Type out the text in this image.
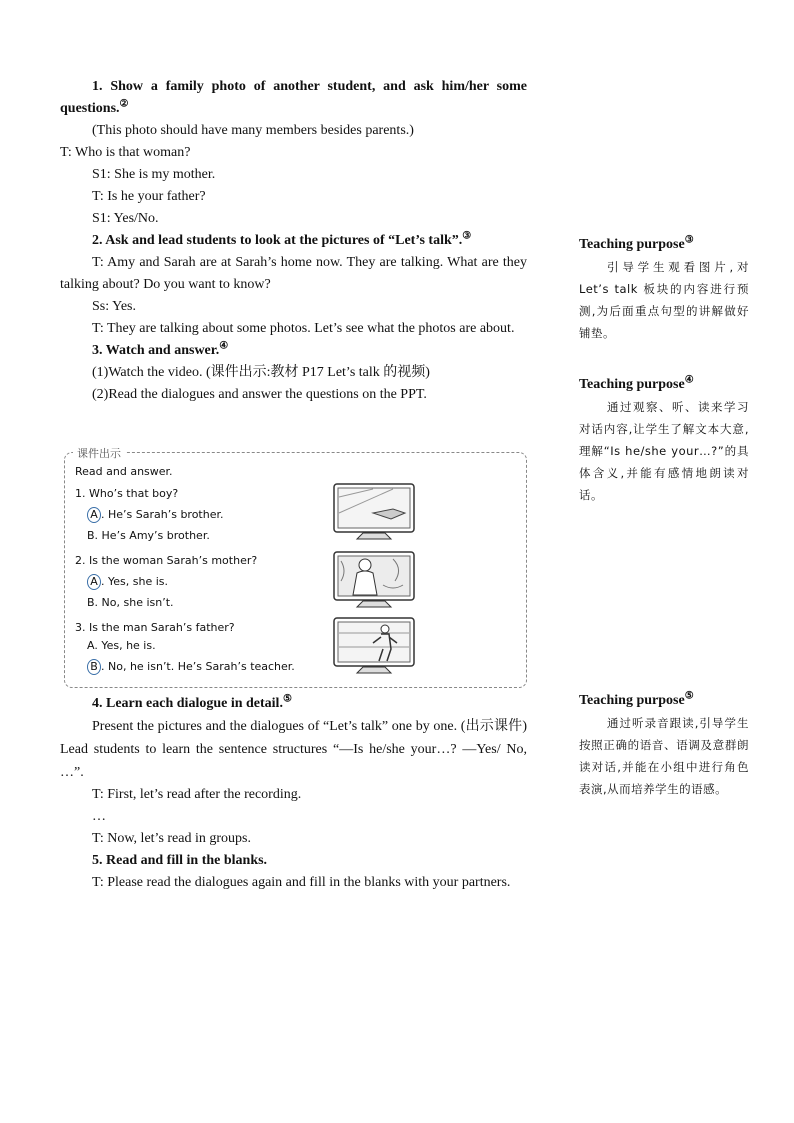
1. Show a family photo of another student, and ask him/her some questions.②

(This photo should have many members besides parents.)

T: Who is that woman?

S1: She is my mother.

T: Is he your father?

S1: Yes/No.

2. Ask and lead students to look at the pictures of “Let’s talk”.③

T: Amy and Sarah are at Sarah’s home now. They are talking. What are they talking about? Do you want to know?

Ss: Yes.

T: They are talking about some photos. Let’s see what the photos are about.

3. Watch and answer.④

(1)Watch the video. (课件出示:教材 P17 Let’s talk 的视频)

(2)Read the dialogues and answer the questions on the PPT.

课件出示
Read and answer.
1. Who’s that boy?
A . He’s Sarah’s brother.
B. He’s Amy’s brother.
2. Is the woman Sarah’s mother?
A . Yes, she is.
B. No, she isn’t.
3. Is the man Sarah’s father?
A. Yes, he is.
B . No, he isn’t. He’s Sarah’s teacher.

4. Learn each dialogue in detail.⑤

Present the pictures and the dialogues of “Let’s talk” one by one. (出示课件) Lead students to learn the sentence structures “—Is he/she your…? —Yes/ No, …”.

T: First, let’s read after the recording.

…

T: Now, let’s read in groups.

5. Read and fill in the blanks.

T: Please read the dialogues again and fill in the blanks with your partners.

Teaching purpose③

引导学生观看图片,对Let’s talk 板块的内容进行预测,为后面重点句型的讲解做好铺垫。

Teaching purpose④

通过观察、听、读来学习对话内容,让学生了解文本大意,理解“Is he/she your…?”的具体含义,并能有感情地朗读对话。

Teaching purpose⑤

通过听录音跟读,引导学生按照正确的语音、语调及意群朗读对话,并能在小组中进行角色表演,从而培养学生的语感。
